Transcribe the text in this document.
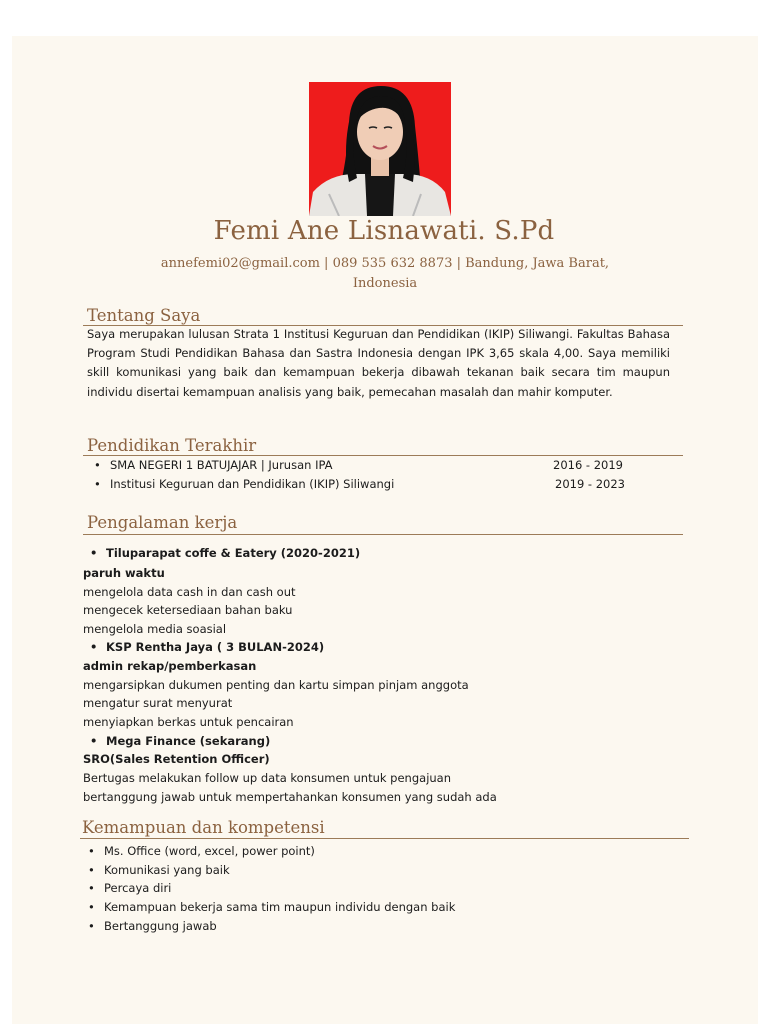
Femi Ane Lisnawati. S.Pd
annefemi02@gmail.com | 089 535 632 8873 | Bandung, Jawa Barat,
Indonesia
Tentang Saya
Saya merupakan lulusan Strata 1 Institusi Keguruan dan Pendidikan (IKIP) Siliwangi. Fakultas Bahasa Program Studi Pendidikan Bahasa dan Sastra Indonesia dengan IPK 3,65 skala 4,00. Saya memiliki skill komunikasi yang baik dan kemampuan bekerja dibawah tekanan baik secara tim maupun individu disertai kemampuan analisis yang baik, pemecahan masalah dan mahir komputer.
Pendidikan Terakhir
• SMA NEGERI 1 BATUJAJAR | Jurusan IPA	2016 - 2019
• Institusi Keguruan dan Pendidikan (IKIP) Siliwangi	2019 - 2023
Pengalaman kerja
• Tiluparapat coffe & Eatery (2020-2021)
paruh waktu
mengelola data cash in dan cash out
mengecek ketersediaan bahan baku
mengelola media soasial
• KSP Rentha Jaya ( 3 BULAN-2024)
admin rekap/pemberkasan
mengarsipkan dukumen penting dan kartu simpan pinjam anggota
mengatur surat menyurat
menyiapkan berkas untuk pencairan
• Mega Finance (sekarang)
SRO(Sales Retention Officer)
Bertugas melakukan follow up data konsumen untuk pengajuan
bertanggung jawab untuk mempertahankan konsumen yang sudah ada
Kemampuan dan kompetensi
• Ms. Office (word, excel, power point)
• Komunikasi yang baik
• Percaya diri
• Kemampuan bekerja sama tim maupun individu dengan baik
• Bertanggung jawab
